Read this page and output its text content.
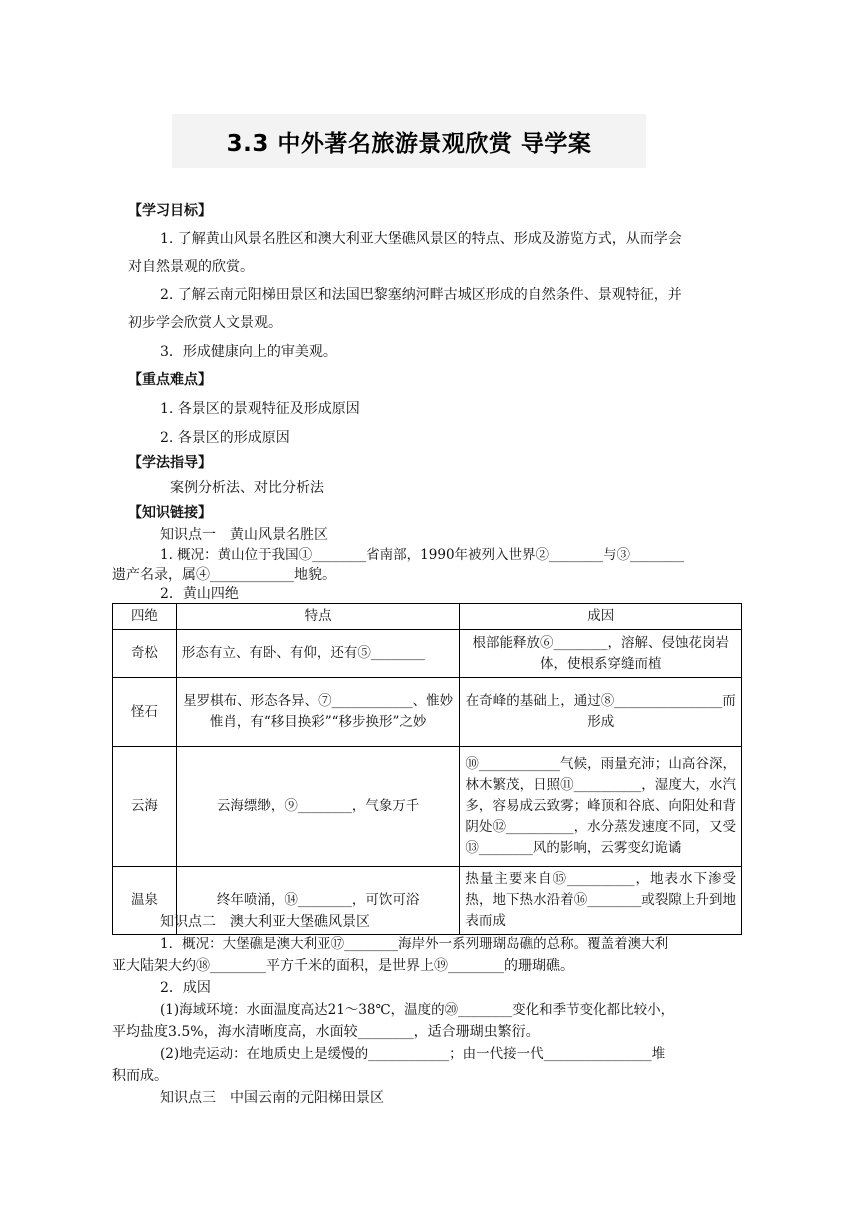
3.3 中外著名旅游景观欣赏 导学案
【学习目标】
1. 了解黄山风景名胜区和澳大利亚大堡礁风景区的特点、形成及游览方式，从而学会
对自然景观的欣赏。
2. 了解云南元阳梯田景区和法国巴黎塞纳河畔古城区形成的自然条件、景观特征，并
初步学会欣赏人文景观。
3．形成健康向上的审美观。
【重点难点】
1. 各景区的景观特征及形成原因
2. 各景区的形成原因
【学法指导】
案例分析法、对比分析法
【知识链接】
知识点一　黄山风景名胜区
1. 概况：黄山位于我国①________省南部，1990年被列入世界②________与③________
遗产名录，属④____________地貌。
2．黄山四绝
四绝	特点	成因
奇松	形态有立、有卧、有仰，还有⑤________	根部能释放⑥________，溶解、侵蚀花岗岩体，使根系穿缝而植
怪石	星罗棋布、形态各异、⑦____________、惟妙惟肖，有“移目换彩”“移步换形”之妙	在奇峰的基础上，通过⑧________________而形成
云海	云海缥缈，⑨________，气象万千	⑩____________气候，雨量充沛；山高谷深，林木繁茂，日照⑪__________，湿度大，水汽多，容易成云致雾；峰顶和谷底、向阳处和背阴处⑫__________，水分蒸发速度不同，又受⑬________风的影响，云雾变幻诡谲
温泉	终年喷涌，⑭________，可饮可浴	热量主要来自⑮__________，地表水下渗受热，地下热水沿着⑯________或裂隙上升到地表而成
知识点二　澳大利亚大堡礁风景区
1．概况：大堡礁是澳大利亚⑰________海岸外一系列珊瑚岛礁的总称。覆盖着澳大利
亚大陆架大约⑱________平方千米的面积，是世界上⑲________的珊瑚礁。
2．成因
(1)海域环境：水面温度高达21～38℃，温度的⑳________变化和季节变化都比较小，
平均盐度3.5%，海水清晰度高，水面较________，适合珊瑚虫繁衍。
(2)地壳运动：在地质史上是缓慢的____________；由一代接一代________________堆
积而成。
知识点三　中国云南的元阳梯田景区
